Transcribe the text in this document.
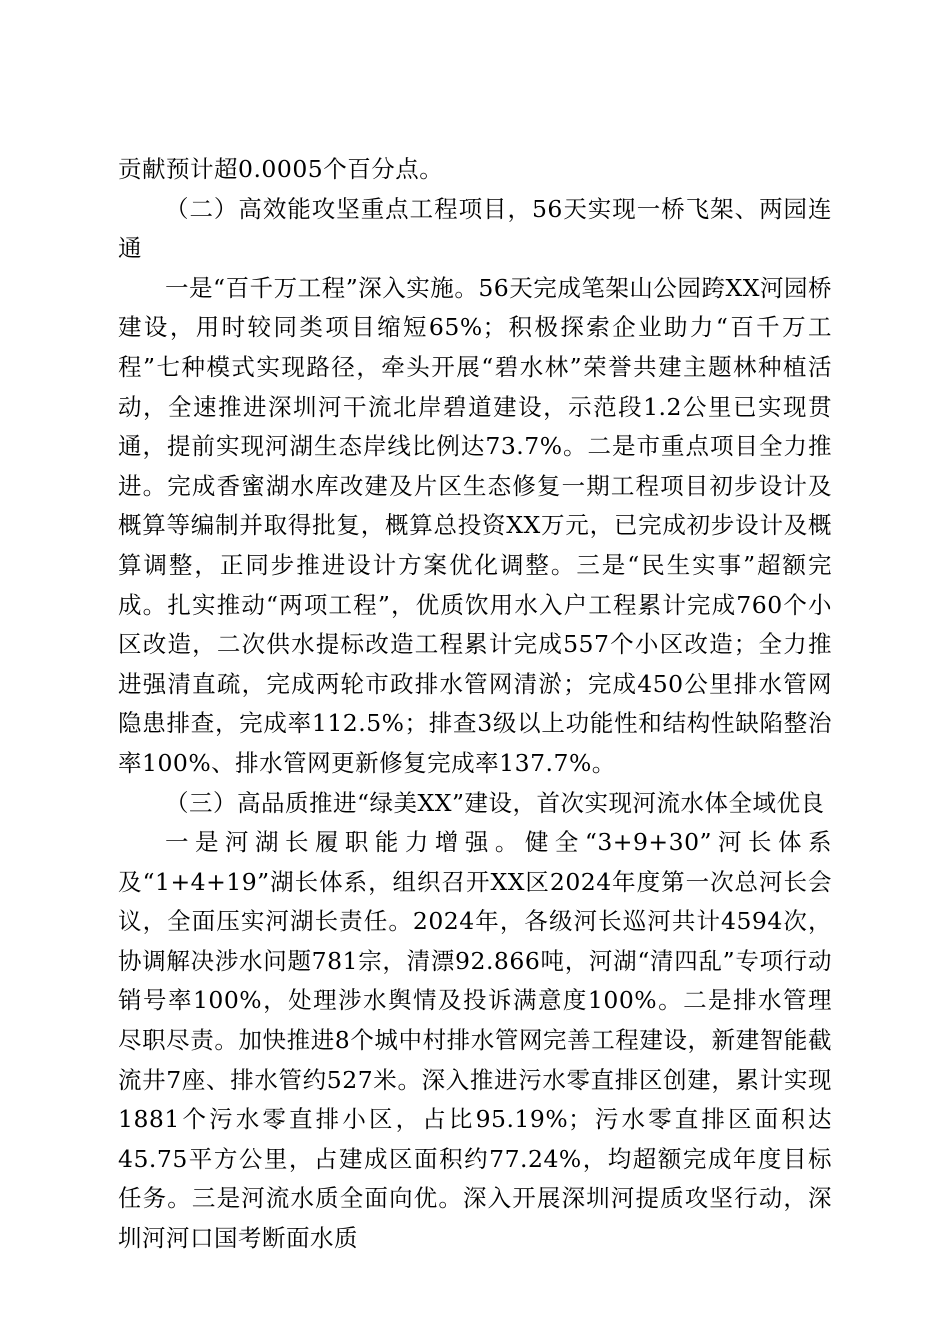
贡献预计超0.0005个百分点。

（二）高效能攻坚重点工程项目，56天实现一桥飞架、两园连通

一是“百千万工程”深入实施。56天完成笔架山公园跨XX河园桥建设，用时较同类项目缩短65%；积极探索企业助力“百千万工程”七种模式实现路径，牵头开展“碧水林”荣誉共建主题林种植活动，全速推进深圳河干流北岸碧道建设，示范段1.2公里已实现贯通，提前实现河湖生态岸线比例达73.7%。二是市重点项目全力推进。完成香蜜湖水库改建及片区生态修复一期工程项目初步设计及概算等编制并取得批复，概算总投资XX万元，已完成初步设计及概算调整，正同步推进设计方案优化调整。三是“民生实事”超额完成。扎实推动“两项工程”，优质饮用水入户工程累计完成760个小区改造，二次供水提标改造工程累计完成557个小区改造；全力推进强清直疏，完成两轮市政排水管网清淤；完成450公里排水管网隐患排查，完成率112.5%；排查3级以上功能性和结构性缺陷整治率100%、排水管网更新修复完成率137.7%。

（三）高品质推进“绿美XX”建设，首次实现河流水体全域优良

一是河湖长履职能力增强。健全“3+9+30”河长体系及“1+4+19”湖长体系，组织召开XX区2024年度第一次总河长会议，全面压实河湖长责任。2024年，各级河长巡河共计4594次，协调解决涉水问题781宗，清漂92.866吨，河湖“清四乱”专项行动销号率100%，处理涉水舆情及投诉满意度100%。二是排水管理尽职尽责。加快推进8个城中村排水管网完善工程建设，新建智能截流井7座、排水管约527米。深入推进污水零直排区创建，累计实现1881个污水零直排小区，占比95.19%；污水零直排区面积达45.75平方公里，占建成区面积约77.24%，均超额完成年度目标任务。三是河流水质全面向优。深入开展深圳河提质攻坚行动，深圳河河口国考断面水质
